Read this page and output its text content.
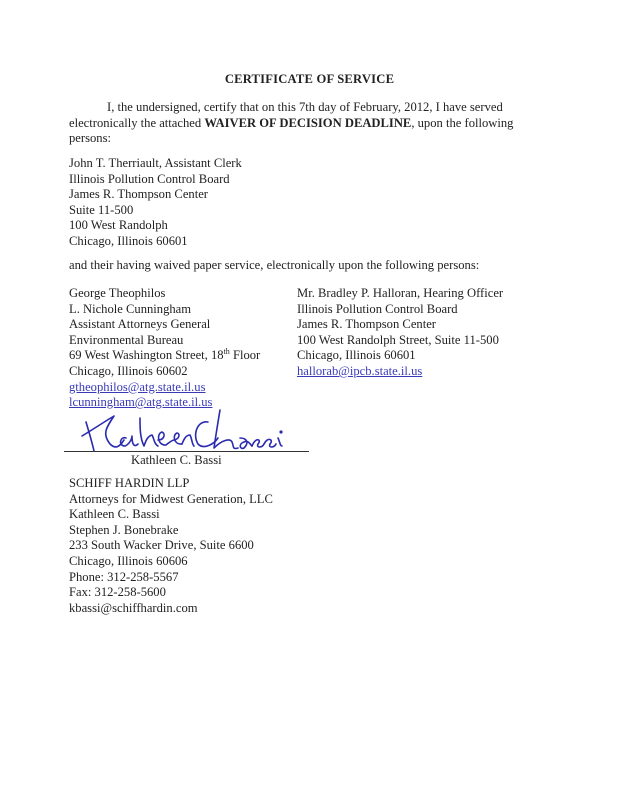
CERTIFICATE OF SERVICE
I, the undersigned, certify that on this 7th day of February, 2012, I have served electronically the attached WAIVER OF DECISION DEADLINE, upon the following persons:
John T. Therriault, Assistant Clerk
Illinois Pollution Control Board
James R. Thompson Center
Suite 11-500
100 West Randolph
Chicago, Illinois 60601
and their having waived paper service, electronically upon the following persons:
George Theophilos
L. Nichole Cunningham
Assistant Attorneys General
Environmental Bureau
69 West Washington Street, 18th Floor
Chicago, Illinois 60602
gtheophilos@atg.state.il.us
lcunningham@atg.state.il.us
Mr. Bradley P. Halloran, Hearing Officer
Illinois Pollution Control Board
James R. Thompson Center
100 West Randolph Street, Suite 11-500
Chicago, Illinois 60601
hallorab@ipcb.state.il.us
Kathleen C. Bassi
SCHIFF HARDIN LLP
Attorneys for Midwest Generation, LLC
Kathleen C. Bassi
Stephen J. Bonebrake
233 South Wacker Drive, Suite 6600
Chicago, Illinois 60606
Phone: 312-258-5567
Fax: 312-258-5600
kbassi@schiffhardin.com
